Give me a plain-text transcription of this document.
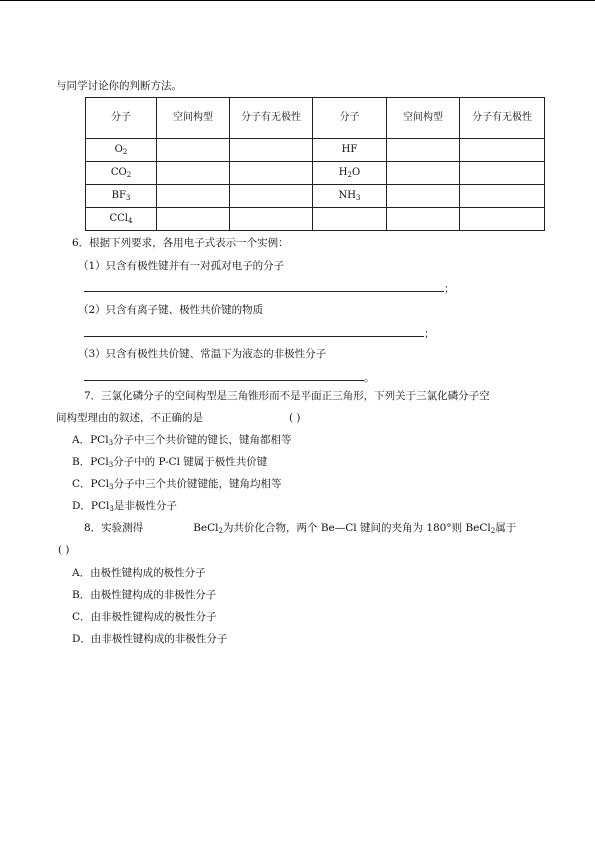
与同学讨论你的判断方法。
分子	空间构型	分子有无极性	分子	空间构型	分子有无极性
$O_2$			HF		
$CO_2$			$H_2O$		
$BF_3$			$NH_3$		
CCl$_4$					
6．根据下列要求，各用电子式表示一个实例：
（1）只含有极性键并有一对孤对电子的分子
；
（2）只含有离子键、极性共价键的物质
；
（3）只含有极性共价键、常温下为液态的非极性分子
。
7．三氯化磷分子的空间构型是三角锥形而不是平面正三角形，下列关于三氯化磷分子空
间构型理由的叙述，不正确的是	( )
A．PCl$_3$分子中三个共价键的键长，键角都相等
B．PCl$_3$分子中的 P-Cl 键属于极性共价键
C．PCl$_3$分子中三个共价键键能，键角均相等
D．PCl$_3$是非极性分子
8．实验测得	BeCl$_2$为共价化合物，两个 Be—Cl 键间的夹角为 180°则 BeCl$_2$属于
( )
A．由极性键构成的极性分子
B．由极性键构成的非极性分子
C．由非极性键构成的极性分子
D．由非极性键构成的非极性分子
